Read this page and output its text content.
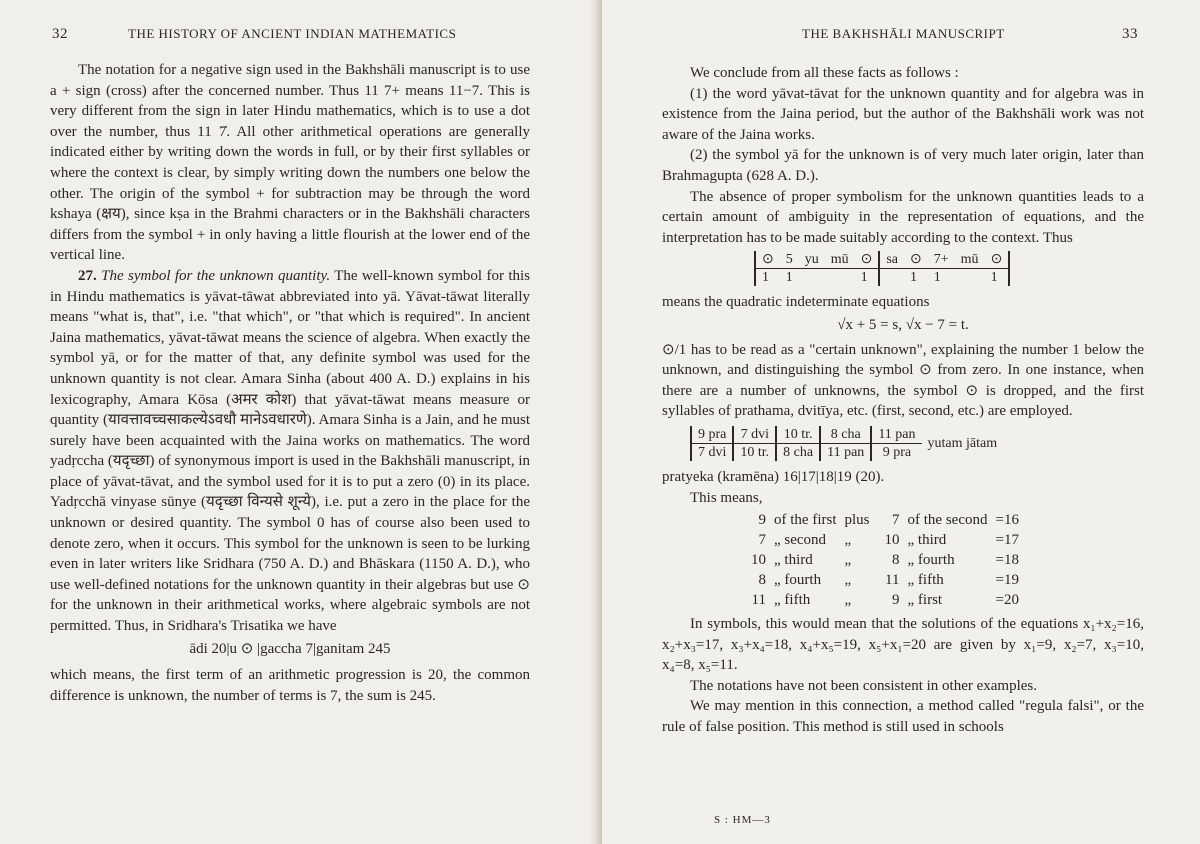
32	THE HISTORY OF ANCIENT INDIAN MATHEMATICS

The notation for a negative sign used in the Bakhshāli manuscript is to use a + sign (cross) after the concerned number. Thus 11 7+ means 11−7. This is very different from the sign in later Hindu mathematics, which is to use a dot over the number, thus 11 7̇. All other arithmetical operations are generally indicated either by writing down the words in full, or by their first syllables or where the context is clear, by simply writing down the numbers one below the other. The origin of the symbol + for subtraction may be through the word kshaya (क्षय), since kṣa in the Brahmi characters or in the Bakhshāli characters differs from the symbol + in only having a little flourish at the lower end of the vertical line.

27. The symbol for the unknown quantity. The well-known symbol for this in Hindu mathematics is yāvat-tāwat abbreviated into yā. Yāvat-tāwat literally means "what is, that", i.e. "that which", or "that which is required". In ancient Jaina mathematics, yāvat-tāwat means the science of algebra. When exactly the symbol yā, or for the matter of that, any definite symbol was used for the unknown quantity is not clear. Amara Sinha (about 400 A. D.) explains in his lexicography, Amara Kōsa (अमर कोश) that yāvat-tāwat means measure or quantity (यावत्तावच्चसाकल्येऽवधौ मानेऽवधारणे). Amara Sinha is a Jain, and he must surely have been acquainted with the Jaina works on mathematics. The word yadṛccha (यदृच्छा) of synonymous import is used in the Bakhshāli manuscript, in place of yāvat-tāvat, and the symbol used for it is to put a zero (0) in its place. Yadṛcchā vinyase sūnye (यदृच्छा विन्यसे शून्ये), i.e. put a zero in the place for the unknown or desired quantity. The symbol 0 has of course also been used to denote zero, when it occurs. This symbol for the unknown is seen to be lurking even in later writers like Sridhara (750 A. D.) and Bhāskara (1150 A. D.), who use well-defined notations for the unknown quantity in their algebras but use ⊙ for the unknown in their arithmetical works, where algebraic symbols are not permitted. Thus, in Sridhara's Trisatika we have

ādi 20|u ⊙ |gaccha 7|ganitam 245

which means, the first term of an arithmetic progression is 20, the common difference is unknown, the number of terms is 7, the sum is 245.

THE BAKHSHĀLI MANUSCRIPT	33

We conclude from all these facts as follows :

(1) the word yāvat-tāvat for the unknown quantity and for algebra was in existence from the Jaina period, but the author of the Bakhshāli work was not aware of the Jaina works.

(2) the symbol yā for the unknown is of very much later origin, later than Brahmagupta (628 A. D.).

The absence of proper symbolism for the unknown quantities leads to a certain amount of ambiguity in the representation of equations, and the interpretation has to be made suitably according to the context. Thus

⊙	5	yu	mū	⊙	sa	⊙	7+	mū	⊙
1	1			1		1	1		1

means the quadratic indeterminate equations

√x + 5 = s, √x − 7 = t.

⊙/1 has to be read as a "certain unknown", explaining the number 1 below the unknown, and distinguishing the symbol ⊙ from zero. In one instance, when there are a number of unknowns, the symbol ⊙ is dropped, and the first syllables of prathama, dvitīya, etc. (first, second, etc.) are employed.

9 pra	7 dvi	10 tr.	8 cha	11 pan	yutam jātam
7 dvi	10 tr.	8 cha	11 pan	9 pra	

pratyeka (kramēna) 16|17|18|19 (20).

This means,

9	of the first	plus	7	of the second	=16
7	„ second	„	10	„ third	=17
10	„ third	„	8	„ fourth	=18
8	„ fourth	„	11	„ fifth	=19
11	„ fifth	„	9	„ first	=20

In symbols, this would mean that the solutions of the equations x₁+x₂=16, x₂+x₃=17, x₃+x₄=18, x₄+x₅=19, x₅+x₁=20 are given by x₁=9, x₂=7, x₃=10, x₄=8, x₅=11.

The notations have not been consistent in other examples.

We may mention in this connection, a method called "regula falsi", or the rule of false position. This method is still used in schools

S : HM—3
